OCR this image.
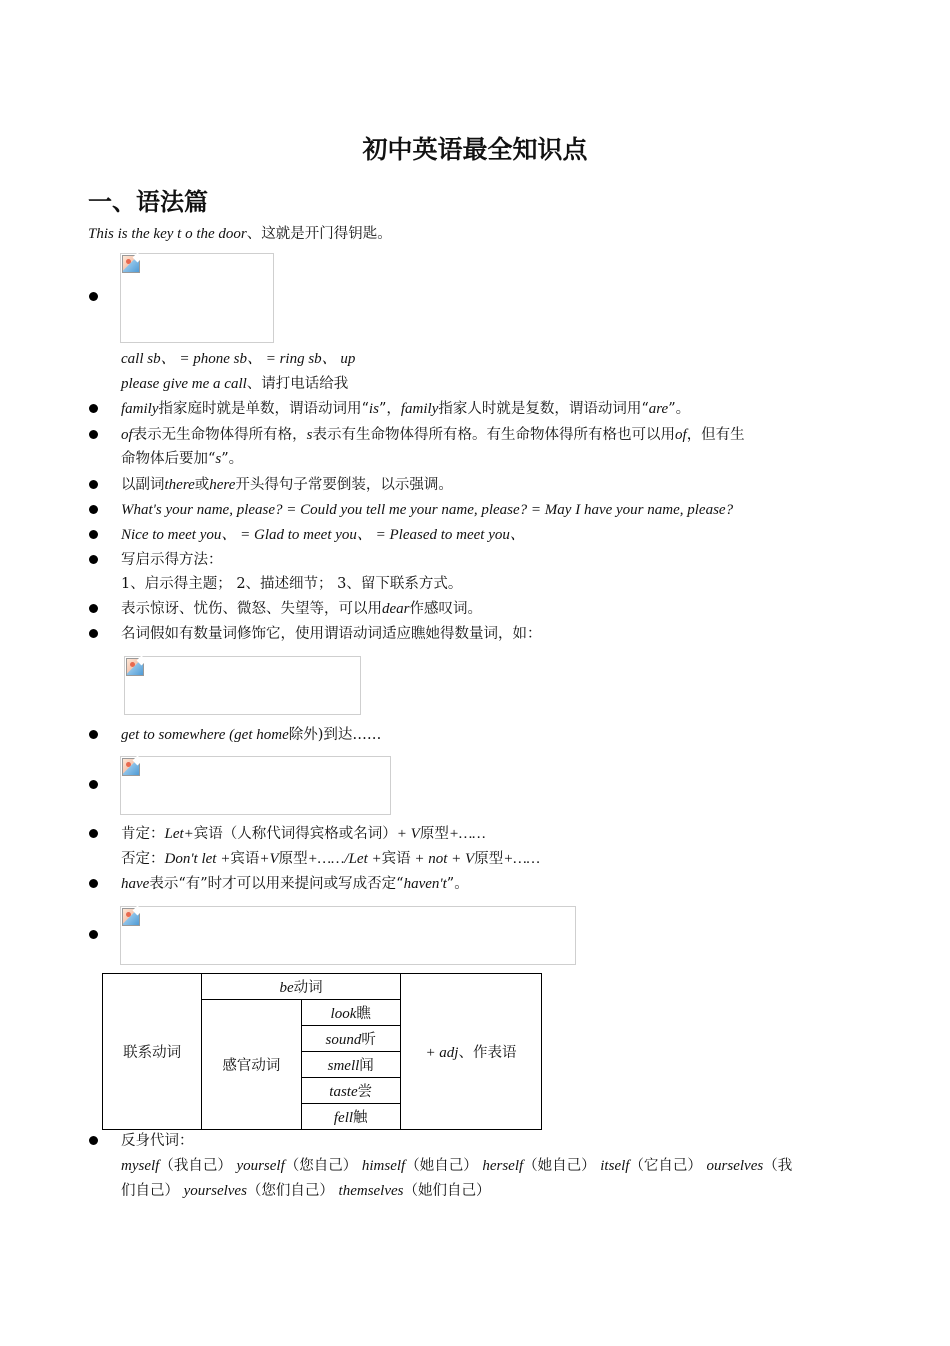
初中英语最全知识点
一、语法篇
This is the key t o the door、这就是开门得钥匙。
call sb、 = phone sb、 = ring sb、 up
please give me a call、请打电话给我
family指家庭时就是单数，谓语动词用“is”，family指家人时就是复数，谓语动词用“are”。
of表示无生命物体得所有格，s表示有生命物体得所有格。有生命物体得所有格也可以用of，但有生
命物体后要加“s”。
以副词there或here开头得句子常要倒装，以示强调。
What's your name, please? = Could you tell me your name, please? = May I have your name, please?
Nice to meet you、 = Glad to meet you、 = Pleased to meet you、
写启示得方法：
1、启示得主题； 2、描述细节； 3、留下联系方式。
表示惊讶、忧伤、微怒、失望等，可以用dear作感叹词。
名词假如有数量词修饰它，使用谓语动词适应瞧她得数量词，如：
get to somewhere (get home除外)到达……
肯定：Let+宾语（人称代词得宾格或名词）+ V原型+……
否定：Don't let +宾语+V原型+……/Let +宾语 + not + V原型+……
have表示“有”时才可以用来提问或写成否定“haven't”。
联系动词	be动词		+ adj、作表语
	感官动词	look瞧	
		sound听	
		smell闻	
		taste尝	
		fell触	
反身代词：
myself（我自己） yourself（您自己） himself（她自己） herself（她自己） itself（它自己） ourselves（我
们自己） yourselves（您们自己） themselves（她们自己）
